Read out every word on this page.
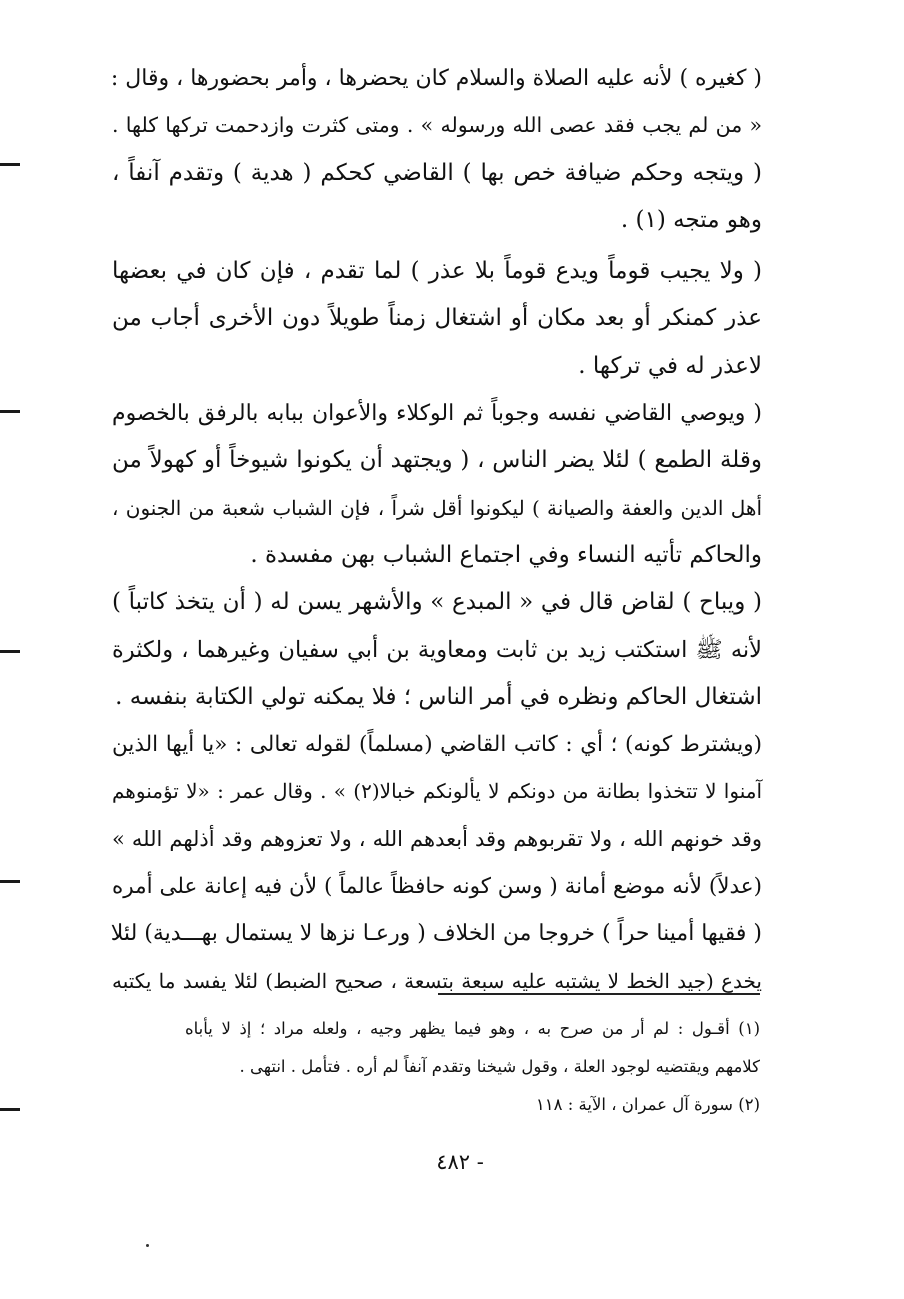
( كغيره ) لأنه عليه الصلاة والسلام كان يحضرها ، وأمر بحضورها ، وقال :
« من لم يجب فقد عصى الله ورسوله » . ومتى كثرت وازدحمت تركها كلها .
( ويتجه وحكم ضيافة خص بها ) القاضي كحكم ( هدية ) وتقدم آنفاً ،
وهو متجه (١) .
( ولا يجيب قوماً ويدع قوماً بلا عذر ) لما تقدم ، فإن كان في بعضها
عذر كمنكر أو بعد مكان أو اشتغال زمناً طويلاً دون الأخرى أجاب من
لاعذر له في تركها .
( ويوصي القاضي نفسه وجوباً ثم الوكلاء والأعوان ببابه بالرفق بالخصوم
وقلة الطمع ) لئلا يضر الناس ، ( ويجتهد أن يكونوا شيوخاً أو كهولاً من
أهل الدين والعفة والصيانة ) ليكونوا أقل شراً ، فإن الشباب شعبة من الجنون ،
والحاكم تأتيه النساء وفي اجتماع الشباب بهن مفسدة .
( ويباح ) لقاض قال في « المبدع » والأشهر يسن له ( أن يتخذ كاتباً )
لأنه ﷺ استكتب زيد بن ثابت ومعاوية بن أبي سفيان وغيرهما ، ولكثرة
اشتغال الحاكم ونظره في أمر الناس ؛ فلا يمكنه تولي الكتابة بنفسه .
(ويشترط كونه) ؛ أي : كاتب القاضي (مسلماً) لقوله تعالى : «يا أيها الذين
آمنوا لا تتخذوا بطانة من دونكم لا يألونكم خبالا(٢) » . وقال عمر : «لا تؤمنوهم
وقد خونهم الله ، ولا تقربوهم وقد أبعدهم الله ، ولا تعزوهم وقد أذلهم الله »
(عدلاً) لأنه موضع أمانة ( وسن كونه حافظاً عالماً ) لأن فيه إعانة على أمره
( فقيها أمينا حراً ) خروجا من الخلاف ( ورعـا نزها لا يستمال بهـــدية) لئلا
يخدع (جيد الخط لا يشتبه عليه سبعة بتسعة ، صحيح الضبط) لئلا يفسد ما يكتبه
(١) أقـول : لم أر من صرح به ، وهو فيما يظهر وجيه ، ولعله مراد ؛ إذ لا يأباه
كلامهم ويقتضيه لوجود العلة ، وقول شيخنا وتقدم آنفاً لم أره . فتأمل . انتهى .
(٢) سورة آل عمران ، الآية : ١١٨
- ٤٨٢
